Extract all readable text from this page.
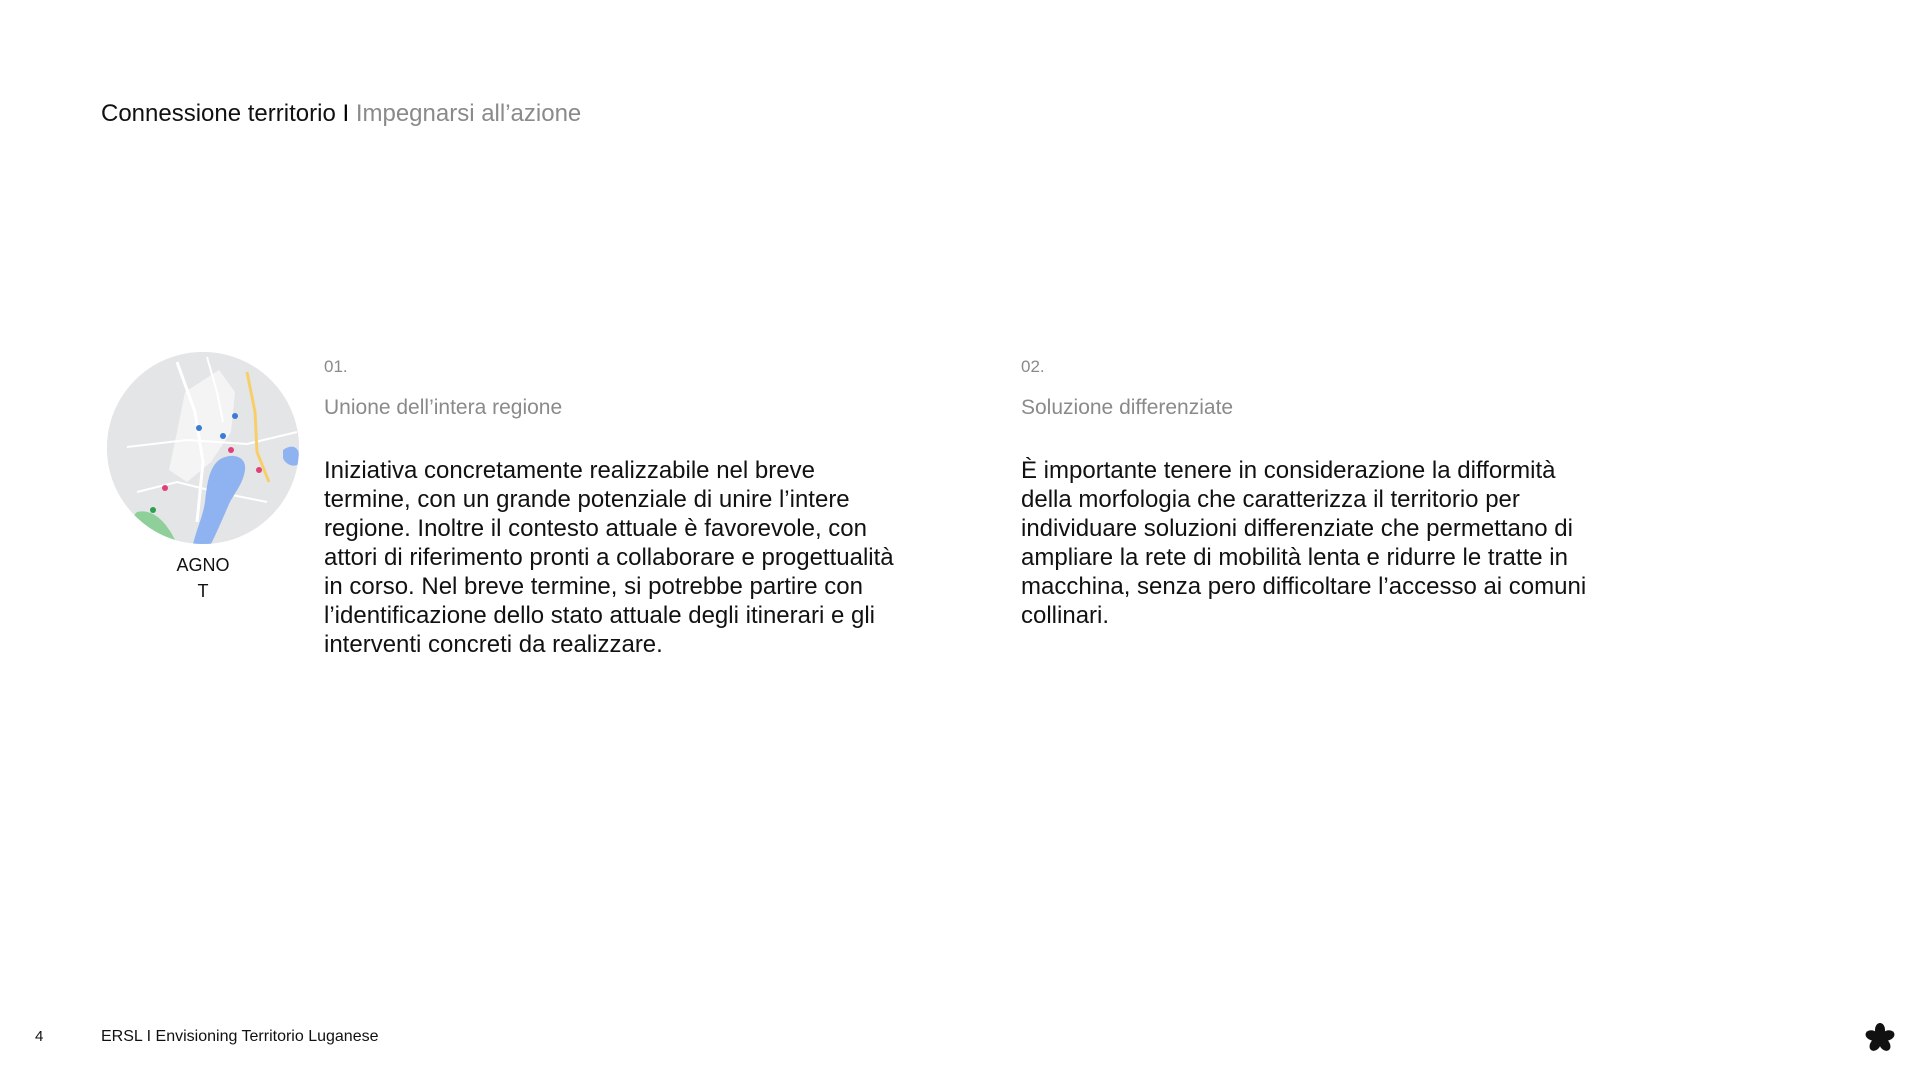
Connessione territorio I Impegnarsi all’azione
AGNO
T
01.
Unione dell’intera regione
Iniziativa concretamente realizzabile nel breve termine, con un grande potenziale di unire l’intere regione. Inoltre il contesto attuale è favorevole, con attori di riferimento pronti a collaborare e progettualità in corso. Nel breve termine, si potrebbe partire con l’identificazione dello stato attuale degli itinerari e gli interventi concreti da realizzare.
02.
Soluzione differenziate
È importante tenere in considerazione la difformità della morfologia che caratterizza il territorio per individuare soluzioni differenziate che permettano di ampliare la rete di mobilità lenta e ridurre le tratte in macchina, senza pero difficoltare l’accesso ai comuni collinari.
4	ERSL I Envisioning Territorio Luganese
